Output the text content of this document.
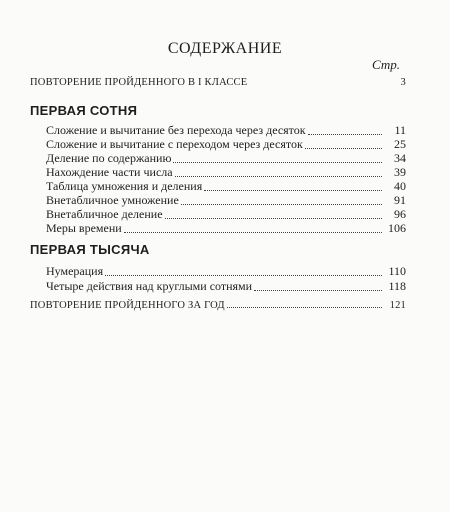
СОДЕРЖАНИЕ
Стр.
ПОВТОРЕНИЕ ПРОЙДЕННОГО В I КЛАССЕ	3
ПЕРВАЯ СОТНЯ
Сложение и вычитание без перехода через десяток	11
Сложение и вычитание с переходом через десяток	25
Деление по содержанию	34
Нахождение части числа	39
Таблица умножения и деления	40
Внетабличное умножение	91
Внетабличное деление	96
Меры времени	106
ПЕРВАЯ ТЫСЯЧА
Нумерация	110
Четыре действия над круглыми сотнями	118
ПОВТОРЕНИЕ ПРОЙДЕННОГО ЗА ГОД	121
